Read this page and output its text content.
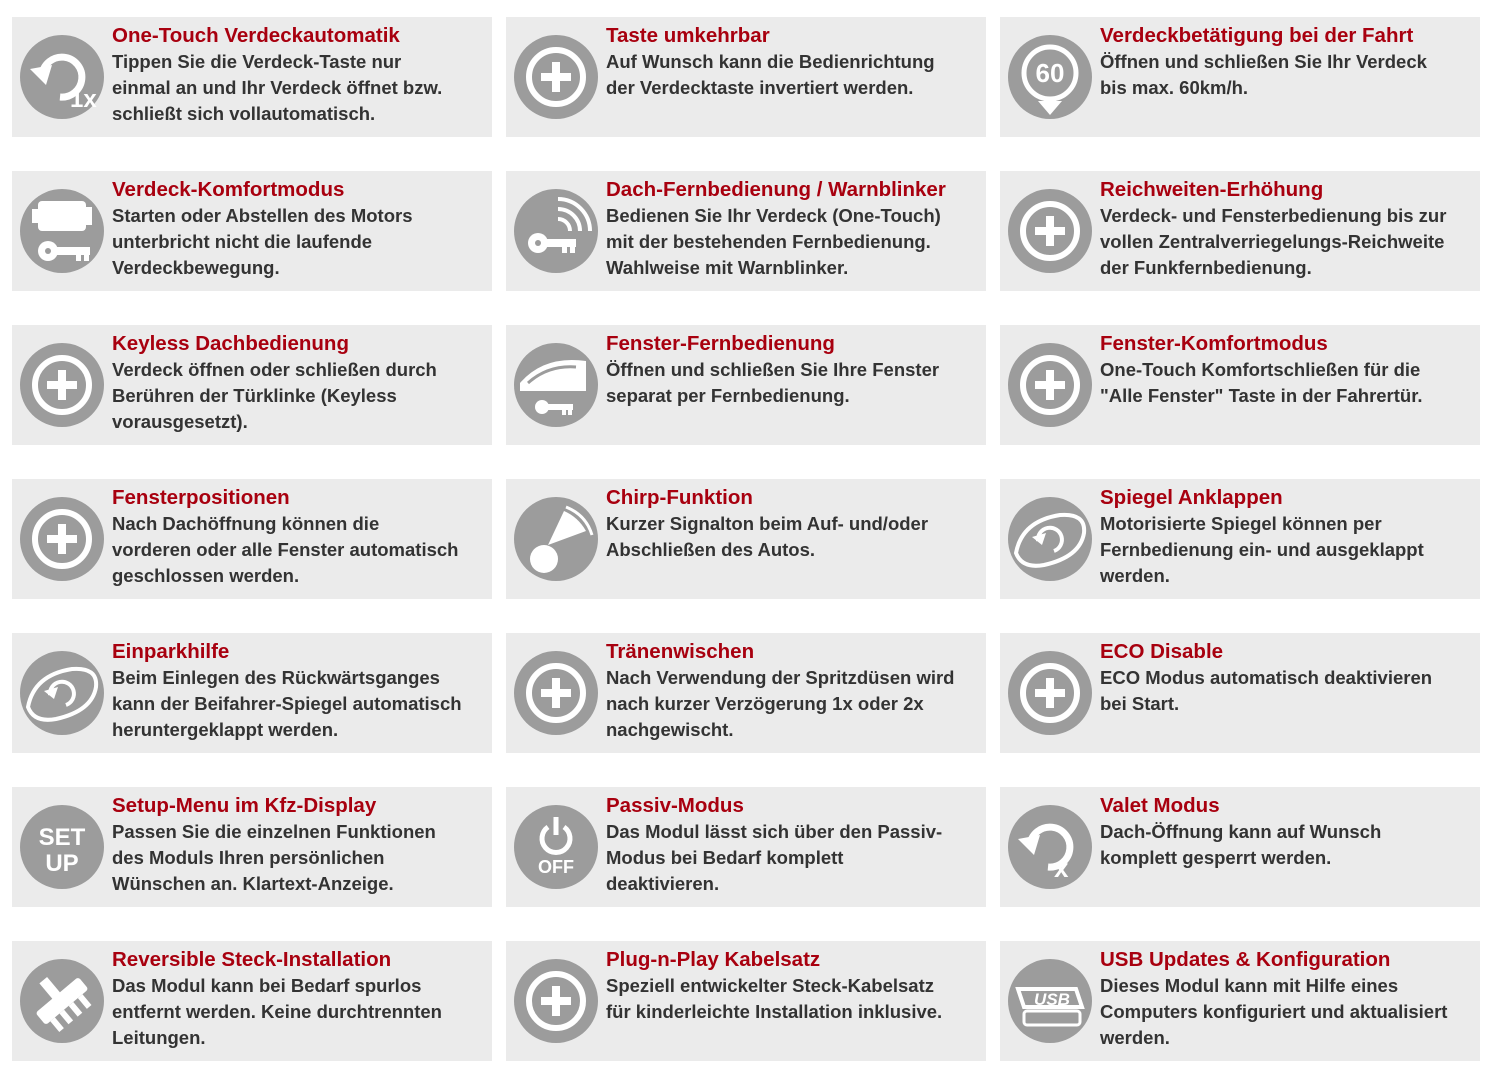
1x
One-Touch Verdeckautomatik
Tippen Sie die Verdeck-Taste nur
einmal an und Ihr Verdeck öffnet bzw.
schließt sich vollautomatisch.
Taste umkehrbar
Auf Wunsch kann die Bedienrichtung
der Verdecktaste invertiert werden.	60
Verdeckbetätigung bei der Fahrt
Öffnen und schließen Sie Ihr Verdeck
bis max. 60km/h.
Verdeck-Komfortmodus
Starten oder Abstellen des Motors
unterbricht nicht die laufende
Verdeckbewegung.
Dach-Fernbedienung / Warnblinker
Bedienen Sie Ihr Verdeck (One-Touch)
mit der bestehenden Fernbedienung.
Wahlweise mit Warnblinker.
Reichweiten-Erhöhung
Verdeck- und Fensterbedienung bis zur
vollen Zentralverriegelungs-Reichweite
der Funkfernbedienung.
Keyless Dachbedienung
Verdeck öffnen oder schließen durch
Berühren der Türklinke (Keyless
vorausgesetzt).
Fenster-Fernbedienung
Öffnen und schließen Sie Ihre Fenster
separat per Fernbedienung.
Fenster-Komfortmodus
One-Touch Komfortschließen für die
"Alle Fenster" Taste in der Fahrertür.
Fensterpositionen
Nach Dachöffnung können die
vorderen oder alle Fenster automatisch
geschlossen werden.
Chirp-Funktion
Kurzer Signalton beim Auf- und/oder
Abschließen des Autos.
Spiegel Anklappen
Motorisierte Spiegel können per
Fernbedienung ein- und ausgeklappt
werden.
Einparkhilfe
Beim Einlegen des Rückwärtsganges
kann der Beifahrer-Spiegel automatisch
heruntergeklappt werden.
Tränenwischen
Nach Verwendung der Spritzdüsen wird
nach kurzer Verzögerung 1x oder 2x
nachgewischt.
ECO Disable
ECO Modus automatisch deaktivieren
bei Start.
SET
UP
Setup-Menu im Kfz-Display
Passen Sie die einzelnen Funktionen
des Moduls Ihren persönlichen
Wünschen an. Klartext-Anzeige.
OFF
Passiv-Modus
Das Modul lässt sich über den Passiv-
Modus bei Bedarf komplett
deaktivieren.
x
Valet Modus
Dach-Öffnung kann auf Wunsch
komplett gesperrt werden.
Reversible Steck-Installation
Das Modul kann bei Bedarf spurlos
entfernt werden. Keine durchtrennten
Leitungen.
Plug-n-Play Kabelsatz
Speziell entwickelter Steck-Kabelsatz
für kinderleichte Installation inklusive.
USB
USB Updates & Konfiguration
Dieses Modul kann mit Hilfe eines
Computers konfiguriert und aktualisiert
werden.
